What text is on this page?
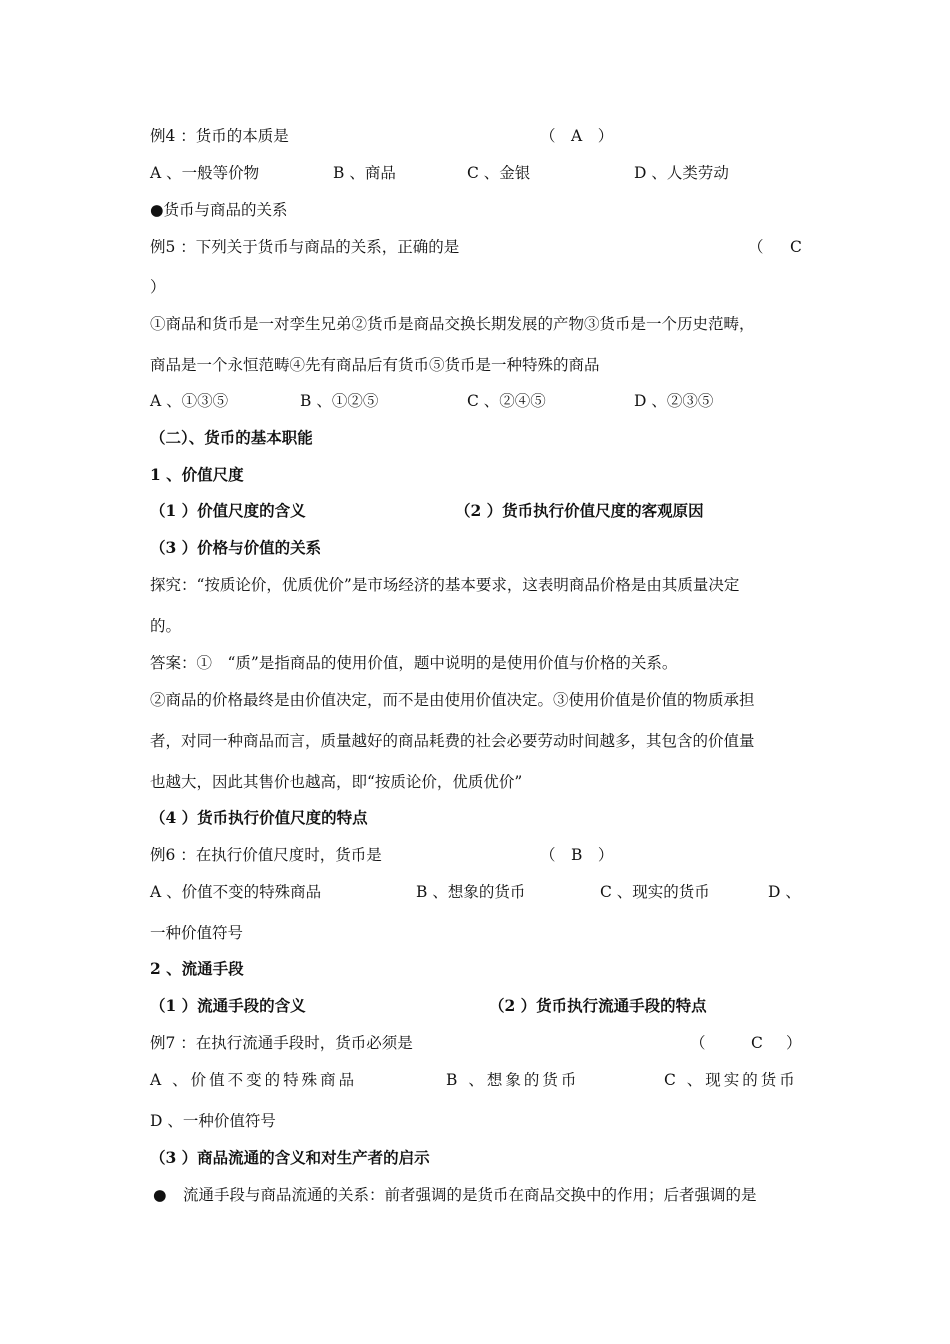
例4 ：货币的本质是	（　A　）
A 、一般等价物	B 、商品	C 、金银	D 、人类劳动
●货币与商品的关系
例5 ：下列关于货币与商品的关系，正确的是	（ C
）
①商品和货币是一对孪生兄弟②货币是商品交换长期发展的产物③货币是一个历史范畴，
商品是一个永恒范畴④先有商品后有货币⑤货币是一种特殊的商品
A 、①③⑤	B 、①②⑤	C 、②④⑤	D 、②③⑤
（二）、货币的基本职能
1 、价值尺度
（1 ）价值尺度的含义	（2 ）货币执行价值尺度的客观原因
（3 ）价格与价值的关系
探究：“按质论价，优质优价”是市场经济的基本要求，这表明商品价格是由其质量决定
的。
答案：①　“质”是指商品的使用价值，题中说明的是使用价值与价格的关系。
②商品的价格最终是由价值决定，而不是由使用价值决定。③使用价值是价值的物质承担
者，对同一种商品而言，质量越好的商品耗费的社会必要劳动时间越多，其包含的价值量
也越大，因此其售价也越高，即“按质论价，优质优价”
（4 ）货币执行价值尺度的特点
例6 ：在执行价值尺度时，货币是	（　B　）
A 、价值不变的特殊商品	B 、想象的货币	C 、现实的货币	D 、
一种价值符号
2 、流通手段
（1 ）流通手段的含义	（2 ）货币执行流通手段的特点
例7 ：在执行流通手段时，货币必须是	（	C ）
A 、价值不变的特殊商品	B 、想象的货币	C 、现实的货币
D 、一种价值符号
（3 ）商品流通的含义和对生产者的启示
● 流通手段与商品流通的关系：前者强调的是货币在商品交换中的作用；后者强调的是
